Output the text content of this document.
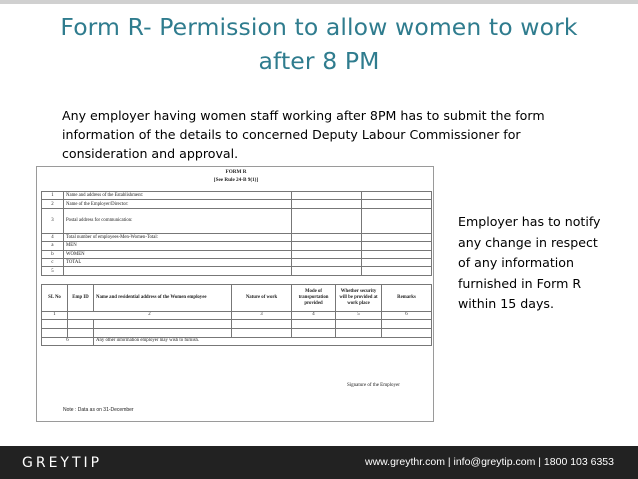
Form R- Permission to allow women to work
after 8 PM
Any employer having women staff working after 8PM has to submit the form
information of the details to concerned Deputy Labour Commissioner for
consideration and approval.
FORM R
[See Rule 24-B 9(1)]
1	Name and address of the Establishment:		
2	Name of the Employer/Director:		
3	Postal address for communication:		
4	Total number of employees-Men-Women-Total:		
a	MEN		
b	WOMEN		
c	TOTAL		
5			
SL No	Emp ID	Name and residential address of the Women employee	Nature of work	Mode of transportation provided	Whether security will be provided at work place	Remarks
1	2		3	4	5	6

6		Any other information employer may wish to furnish.				
Signature of the Employer
Note : Data as on 31-December
Employer has to notify
any change in respect
of any information
furnished in Form R
within 15 days.
GREYTIP	www.greythr.com | info@greytip.com | 1800 103 6353
